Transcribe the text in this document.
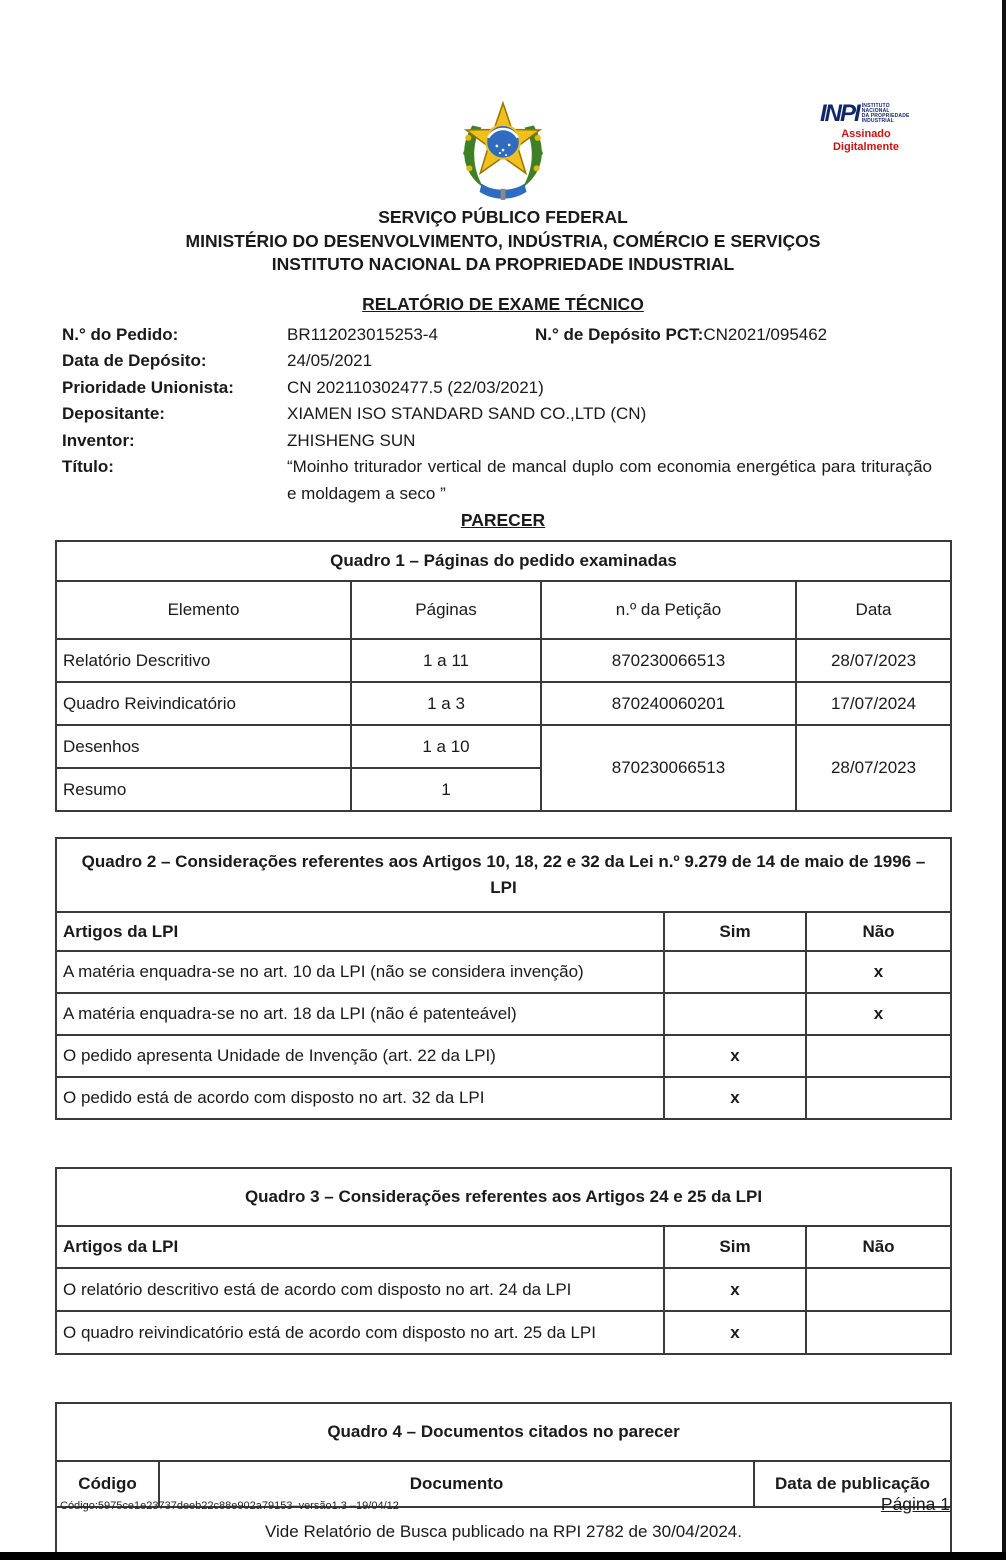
INPI INSTITUTO
NACIONAL
DA PROPRIEDADE
INDUSTRIAL
Assinado
Digitalmente
SERVIÇO PÚBLICO FEDERAL
MINISTÉRIO DO DESENVOLVIMENTO, INDÚSTRIA, COMÉRCIO E SERVIÇOS
INSTITUTO NACIONAL DA PROPRIEDADE INDUSTRIAL
RELATÓRIO DE EXAME TÉCNICO
N.° do Pedido:	BR112023015253-4	N.° de Depósito PCT: CN2021/095462
Data de Depósito:	24/05/2021
Prioridade Unionista:	CN 202110302477.5 (22/03/2021)
Depositante:	XIAMEN ISO STANDARD SAND CO.,LTD (CN)
Inventor:	ZHISHENG SUN
Título:	“Moinho triturador vertical de mancal duplo com economia energética para trituração e moldagem a seco ”
PARECER
Quadro 1 – Páginas do pedido examinadas			
Elemento	Páginas	n.º da Petição	Data
Relatório Descritivo	1 a 11	870230066513	28/07/2023
Quadro Reivindicatório	1 a 3	870240060201	17/07/2024
Desenhos	1 a 10	870230066513	28/07/2023
Resumo	1		
Quadro 2 – Considerações referentes aos Artigos 10, 18, 22 e 32 da Lei n.º 9.279 de 14 de maio de 1996 – LPI		
Artigos da LPI	Sim	Não
A matéria enquadra-se no art. 10 da LPI (não se considera invenção)		x
A matéria enquadra-se no art. 18 da LPI (não é patenteável)		x
O pedido apresenta Unidade de Invenção (art. 22 da LPI)	x	
O pedido está de acordo com disposto no art. 32 da LPI	x	
Quadro 3 – Considerações referentes aos Artigos 24 e 25 da LPI		
Artigos da LPI	Sim	Não
O relatório descritivo está de acordo com disposto no art. 24 da LPI	x	
O quadro reivindicatório está de acordo com disposto no art. 25 da LPI	x	
Quadro 4 – Documentos citados no parecer
Código	Documento	Data de publicação
Vide Relatório de Busca publicado na RPI 2782 de 30/04/2024.
Código:5975ce1e23737deeb22c88e902a79153–versão1.3 –19/04/12	Página 1
